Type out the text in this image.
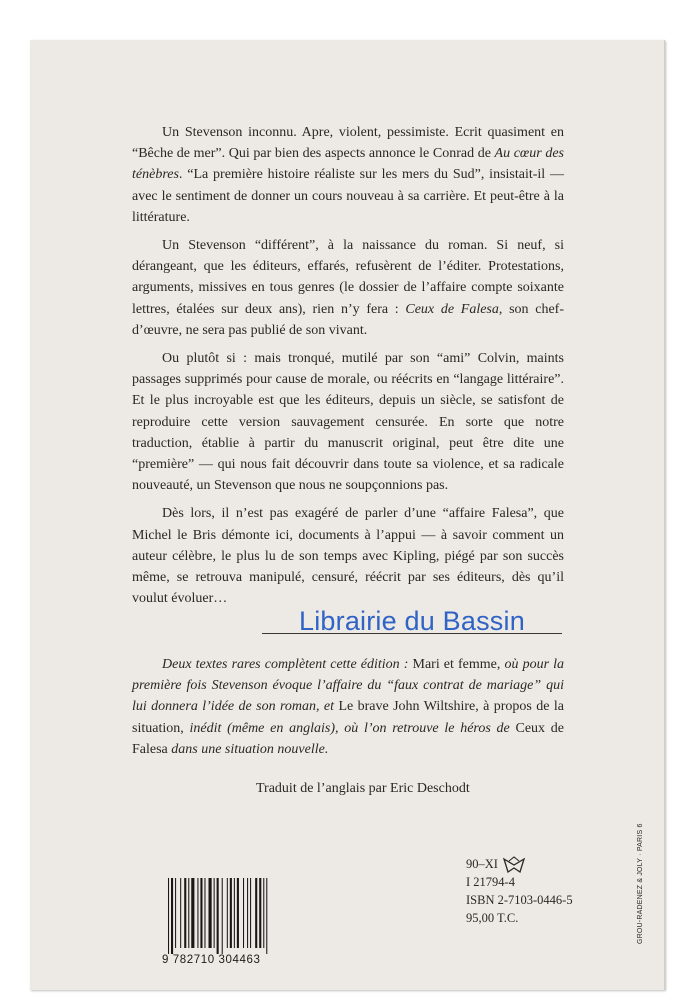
Un Stevenson inconnu. Apre, violent, pessimiste. Ecrit quasiment en “Bêche de mer”. Qui par bien des aspects annonce le Conrad de Au cœur des ténèbres. “La première histoire réaliste sur les mers du Sud”, insistait-il — avec le sentiment de donner un cours nouveau à sa carrière. Et peut-être à la littérature.

Un Stevenson “différent”, à la naissance du roman. Si neuf, si dérangeant, que les éditeurs, effarés, refusèrent de l’éditer. Protestations, arguments, missives en tous genres (le dossier de l’affaire compte soixante lettres, étalées sur deux ans), rien n’y fera : Ceux de Falesa, son chef-d’œuvre, ne sera pas publié de son vivant.

Ou plutôt si : mais tronqué, mutilé par son “ami” Colvin, maints passages supprimés pour cause de morale, ou réécrits en “langage littéraire”. Et le plus incroyable est que les éditeurs, depuis un siècle, se satisfont de reproduire cette version sauvagement censurée. En sorte que notre traduction, établie à partir du manuscrit original, peut être dite une “première” — qui nous fait découvrir dans toute sa violence, et sa radicale nouveauté, un Stevenson que nous ne soupçonnions pas.

Dès lors, il n’est pas exagéré de parler d’une “affaire Falesa”, que Michel le Bris démonte ici, documents à l’appui — à savoir comment un auteur célèbre, le plus lu de son temps avec Kipling, piégé par son succès même, se retrouva manipulé, censuré, réécrit par ses éditeurs, dès qu’il voulut évoluer…

Librairie du Bassin

Deux textes rares complètent cette édition : Mari et femme, où pour la première fois Stevenson évoque l’affaire du “faux contrat de mariage” qui lui donnera l’idée de son roman, et Le brave John Wiltshire, à propos de la situation, inédit (même en anglais), où l’on retrouve le héros de Ceux de Falesa dans une situation nouvelle.

Traduit de l’anglais par Eric Deschodt
9 782710 304463
90–XI
I 21794-4
ISBN 2-7103-0446-5
95,00 T.C.	GROU-RADENEZ & JOLY · PARIS 6
